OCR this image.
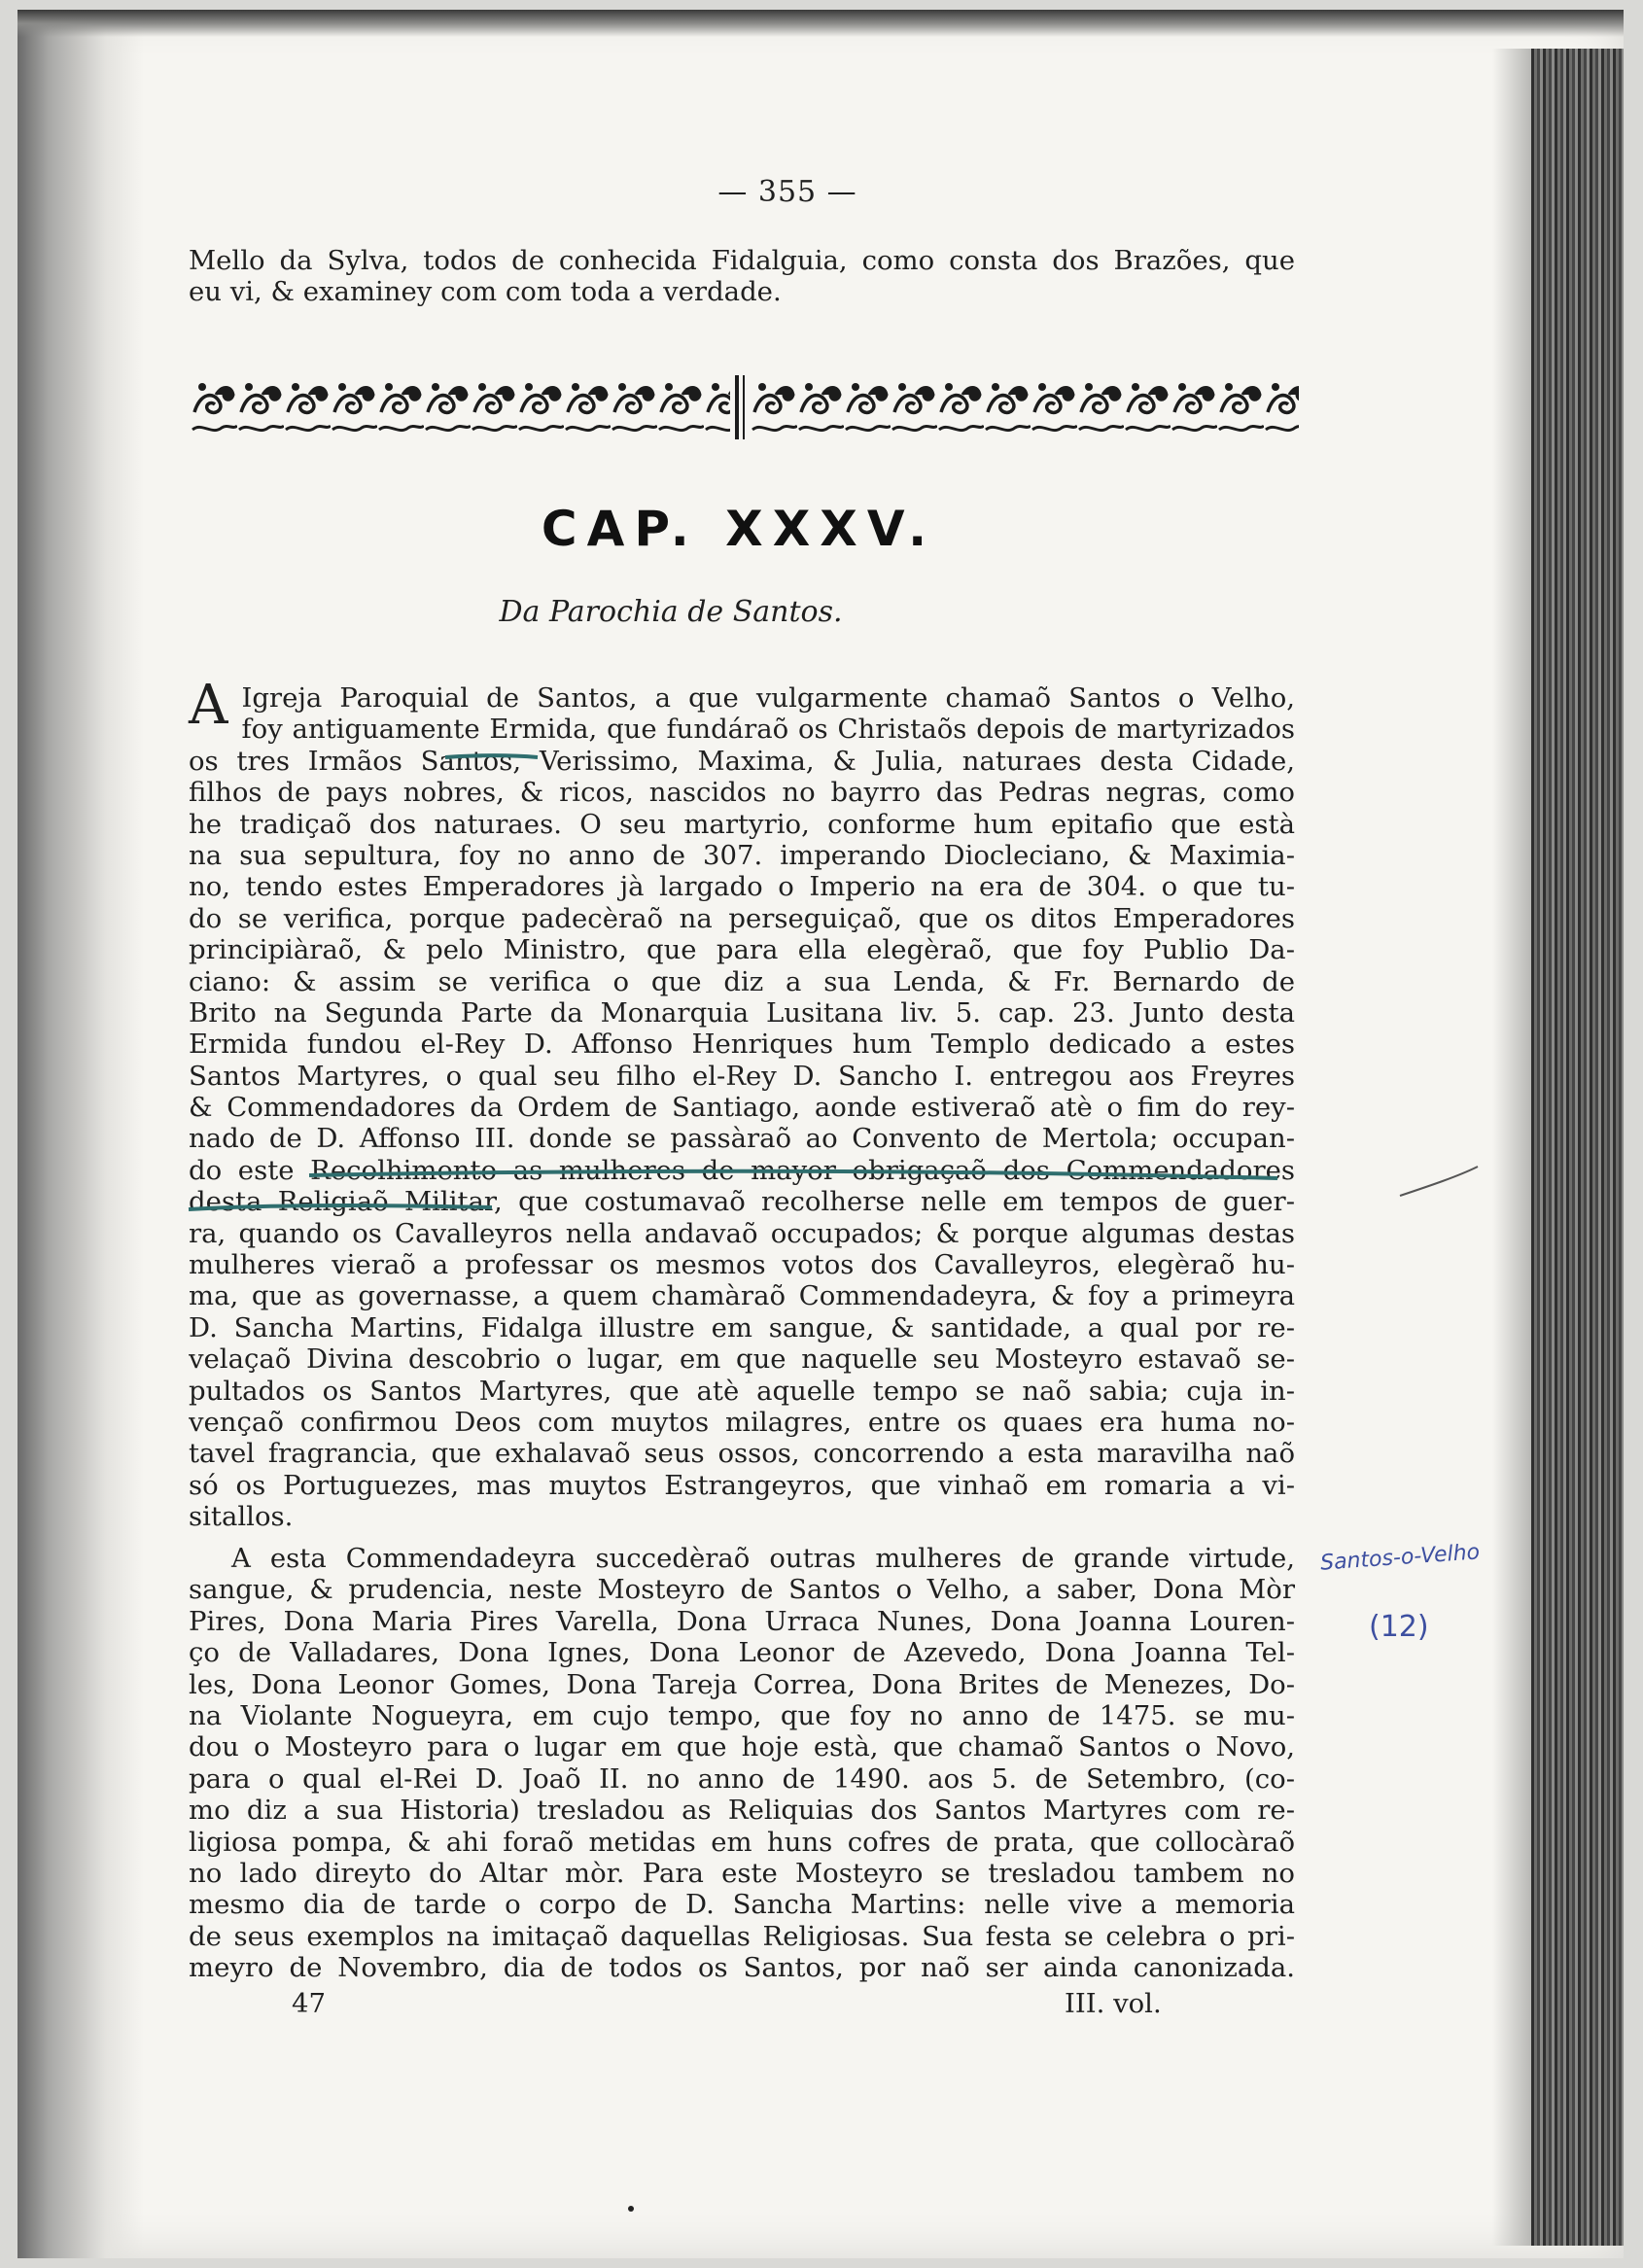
— 355 —
Mello da Sylva, todos de conhecida Fidalguia, como consta dos Brazões, que
eu vi, & examiney com com toda a verdade.
CAP. XXXV.
Da Parochia de Santos.
A Igreja Paroquial de Santos, a que vulgarmente chamaõ Santos o Velho,
foy antiguamente Ermida, que fundáraõ os Christaõs depois de martyrizados
os tres Irmãos Santos, Verissimo, Maxima, & Julia, naturaes desta Cidade,
filhos de pays nobres, & ricos, nascidos no bayrro das Pedras negras, como
he tradiçaõ dos naturaes. O seu martyrio, conforme hum epitafio que està
na sua sepultura, foy no anno de 307. imperando Diocleciano, & Maximia-
no, tendo estes Emperadores jà largado o Imperio na era de 304. o que tu-
do se verifica, porque padecèraõ na perseguiçaõ, que os ditos Emperadores
principiàraõ, & pelo Ministro, que para ella elegèraõ, que foy Publio Da-
ciano: & assim se verifica o que diz a sua Lenda, & Fr. Bernardo de
Brito na Segunda Parte da Monarquia Lusitana liv. 5. cap. 23. Junto desta
Ermida fundou el-Rey D. Affonso Henriques hum Templo dedicado a estes
Santos Martyres, o qual seu filho el-Rey D. Sancho I. entregou aos Freyres
& Commendadores da Ordem de Santiago, aonde estiveraõ atè o fim do rey-
nado de D. Affonso III. donde se passàraõ ao Convento de Mertola; occupan-
do este Recolhimento as mulheres de mayor obrigaçaõ dos Commendadores
desta Religiaõ Militar, que costumavaõ recolherse nelle em tempos de guer-
ra, quando os Cavalleyros nella andavaõ occupados; & porque algumas destas
mulheres vieraõ a professar os mesmos votos dos Cavalleyros, elegèraõ hu-
ma, que as governasse, a quem chamàraõ Commendadeyra, & foy a primeyra
D. Sancha Martins, Fidalga illustre em sangue, & santidade, a qual por re-
velaçaõ Divina descobrio o lugar, em que naquelle seu Mosteyro estavaõ se-
pultados os Santos Martyres, que atè aquelle tempo se naõ sabia; cuja in-
vençaõ confirmou Deos com muytos milagres, entre os quaes era huma no-
tavel fragrancia, que exhalavaõ seus ossos, concorrendo a esta maravilha naõ
só os Portuguezes, mas muytos Estrangeyros, que vinhaõ em romaria a vi-
sitallos.
A esta Commendadeyra succedèraõ outras mulheres de grande virtude,
sangue, & prudencia, neste Mosteyro de Santos o Velho, a saber, Dona Mòr
Pires, Dona Maria Pires Varella, Dona Urraca Nunes, Dona Joanna Louren-
ço de Valladares, Dona Ignes, Dona Leonor de Azevedo, Dona Joanna Tel-
les, Dona Leonor Gomes, Dona Tareja Correa, Dona Brites de Menezes, Do-
na Violante Nogueyra, em cujo tempo, que foy no anno de 1475. se mu-
dou o Mosteyro para o lugar em que hoje està, que chamaõ Santos o Novo,
para o qual el-Rei D. Joaõ II. no anno de 1490. aos 5. de Setembro, (co-
mo diz a sua Historia) tresladou as Reliquias dos Santos Martyres com re-
ligiosa pompa, & ahi foraõ metidas em huns cofres de prata, que collocàraõ
no lado direyto do Altar mòr. Para este Mosteyro se tresladou tambem no
mesmo dia de tarde o corpo de D. Sancha Martins: nelle vive a memoria
de seus exemplos na imitaçaõ daquellas Religiosas. Sua festa se celebra o pri-
meyro de Novembro, dia de todos os Santos, por naõ ser ainda canonizada.
47	III. vol.
Santos-o-Velho
(12)
